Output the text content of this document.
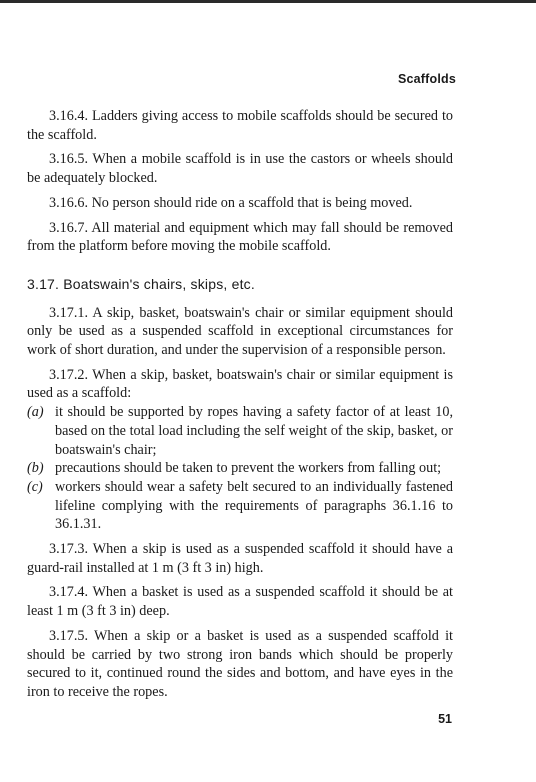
Scaffolds

3.16.4. Ladders giving access to mobile scaffolds should be secured to the scaffold.

3.16.5. When a mobile scaffold is in use the castors or wheels should be adequately blocked.

3.16.6. No person should ride on a scaffold that is being moved.

3.16.7. All material and equipment which may fall should be removed from the platform before moving the mobile scaffold.

3.17. Boatswain's chairs, skips, etc.

3.17.1. A skip, basket, boatswain's chair or similar equipment should only be used as a suspended scaffold in exceptional circumstances for work of short duration, and under the supervision of a responsible person.

3.17.2. When a skip, basket, boatswain's chair or similar equipment is used as a scaffold:

(a) it should be supported by ropes having a safety factor of at least 10, based on the total load including the self weight of the skip, basket, or boatswain's chair;
(b) precautions should be taken to prevent the workers from falling out;
(c) workers should wear a safety belt secured to an individually fastened lifeline complying with the requirements of paragraphs 36.1.16 to 36.1.31.

3.17.3. When a skip is used as a suspended scaffold it should have a guard-rail installed at 1 m (3 ft 3 in) high.

3.17.4. When a basket is used as a suspended scaffold it should be at least 1 m (3 ft 3 in) deep.

3.17.5. When a skip or a basket is used as a suspended scaffold it should be carried by two strong iron bands which should be properly secured to it, continued round the sides and bottom, and have eyes in the iron to receive the ropes.

51
